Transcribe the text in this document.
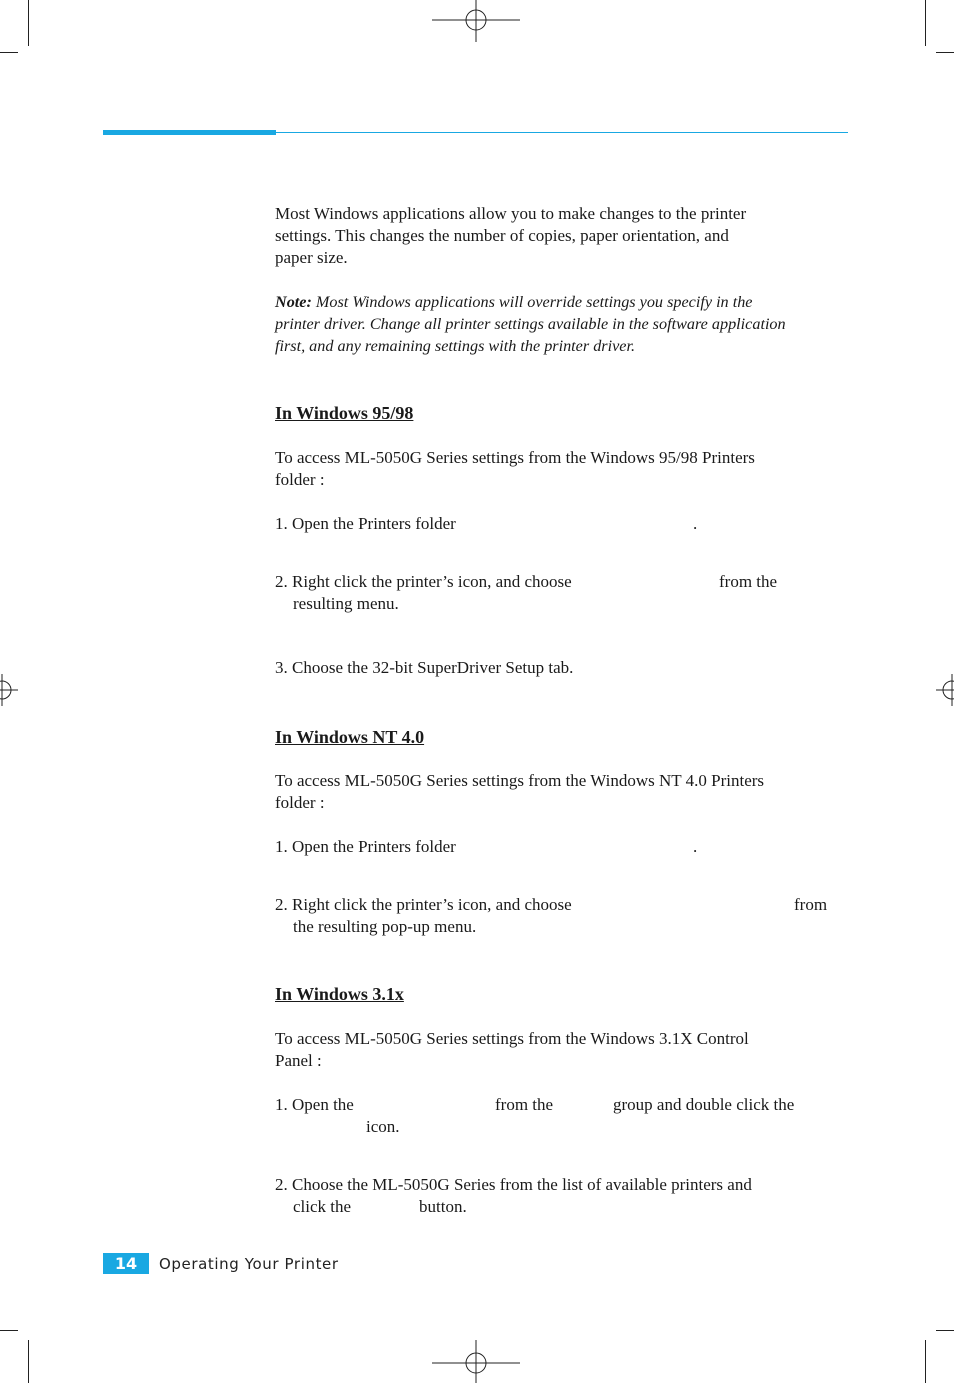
Most Windows applications allow you to make changes to the printer
settings. This changes the number of copies, paper orientation, and
paper size.
Note: Most Windows applications will override settings you specify in the
printer driver. Change all printer settings available in the software application
first, and any remaining settings with the printer driver.
In Windows 95/98
To access ML-5050G Series settings from the Windows 95/98 Printers
folder :
1. Open the Printers folder	.
2. Right click the printer’s icon, and choose	from the
resulting menu.
3. Choose the 32-bit SuperDriver Setup tab.
In Windows NT 4.0
To access ML-5050G Series settings from the Windows NT 4.0 Printers
folder :
1. Open the Printers folder	.
2. Right click the printer’s icon, and choose	from
the resulting pop-up menu.
In Windows 3.1x
To access ML-5050G Series settings from the Windows 3.1X Control
Panel :
1. Open the	from the	group and double click the
icon.
2. Choose the ML-5050G Series from the list of available printers and
click the	button.
14	Operating Your Printer
